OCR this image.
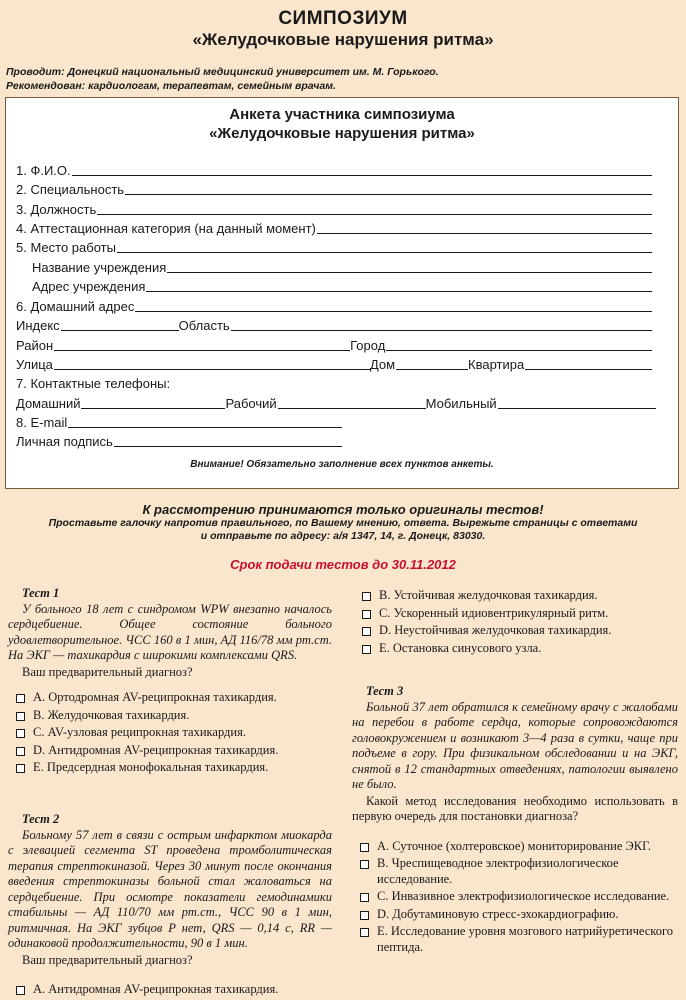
СИМПОЗИУМ
«Желудочковые нарушения ритма»
Проводит: Донецкий национальный медицинский университет им. М. Горького.
Рекомендован: кардиологам, терапевтам, семейным врачам.
Анкета участника симпозиума
«Желудочковые нарушения ритма»
1. Ф.И.О.
2. Специальность
3. Должность
4. Аттестационная категория (на данный момент)
5. Место работы
Название учреждения
Адрес учреждения
6. Домашний адрес
Индекс	Область
Район	Город
Улица	Дом	Квартира
7. Контактные телефоны:
Домашний	Рабочий	Мобильный
8. E-mail
Личная подпись
Внимание! Обязательно заполнение всех пунктов анкеты.
К рассмотрению принимаются только оригиналы тестов!
Проставьте галочку напротив правильного, по Вашему мнению, ответа. Вырежьте страницы с ответами
и отправьте по адресу: а/я 1347, 14, г. Донецк, 83030.
Срок подачи тестов до 30.11.2012
Тест 1
У больного 18 лет с синдромом WPW внезапно началось сердцебиение. Общее состояние больного удовлетворительное. ЧСС 160 в 1 мин, АД 116/78 мм рт.ст. На ЭКГ — тахикардия с широкими комплексами QRS.
Ваш предварительный диагноз?
А. Ортодромная AV-реципрокная тахикардия.
В. Желудочковая тахикардия.
С. AV-узловая реципрокная тахикардия.
D. Антидромная AV-реципрокная тахикардия.
Е. Предсердная монофокальная тахикардия.
Тест 2
Больному 57 лет в связи с острым инфарктом миокарда с элевацией сегмента ST проведена тромболитическая терапия стрептокиназой. Через 30 минут после окончания введения стрептокиназы больной стал жаловаться на сердцебиение. При осмотре показатели гемодинамики стабильны — АД 110/70 мм рт.ст., ЧСС 90 в 1 мин, ритмичная. На ЭКГ зубцов Р нет, QRS — 0,14 с, RR — одинаковой продолжительности, 90 в 1 мин.
Ваш предварительный диагноз?
А. Антидромная AV-реципрокная тахикардия.
В. Устойчивая желудочковая тахикардия.
С. Ускоренный идиовентрикулярный ритм.
D. Неустойчивая желудочковая тахикардия.
Е. Остановка синусового узла.
Тест 3
Больной 37 лет обратился к семейному врачу с жалобами на перебои в работе сердца, которые сопровождаются головокружением и возникают 3—4 раза в сутки, чаще при подъеме в гору. При физикальном обследовании и на ЭКГ, снятой в 12 стандартных отведениях, патологии выявлено не было.
Какой метод исследования необходимо использовать в первую очередь для постановки диагноза?
А. Суточное (холтеровское) мониторирование ЭКГ.
В. Чреспищеводное электрофизиологическое исследование.
С. Инвазивное электрофизиологическое исследование.
D. Добутаминовую стресс-эхокардиографию.
Е. Исследование уровня мозгового натрийуретического пептида.
